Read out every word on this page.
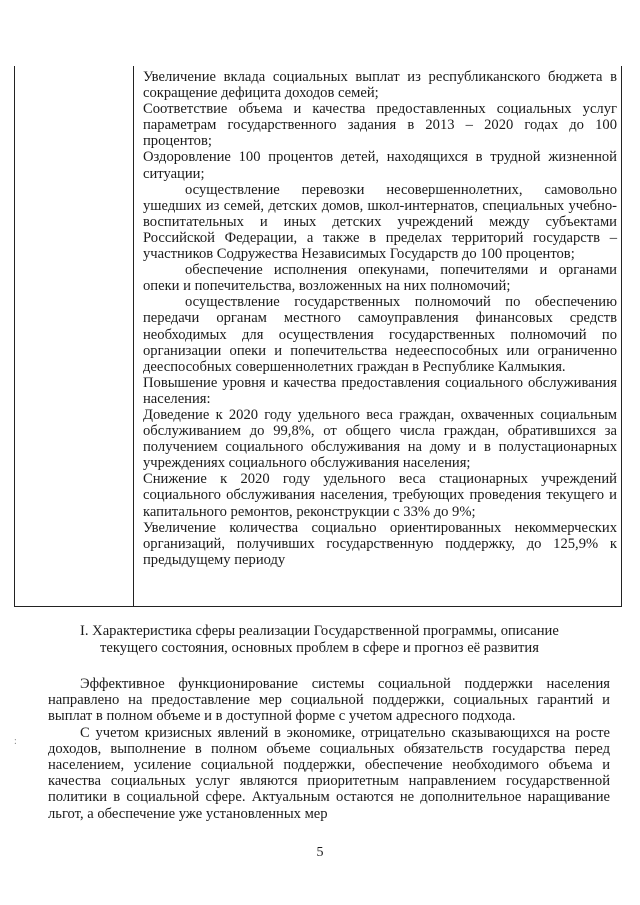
Увеличение вклада социальных выплат из республиканского бюджета в сокращение дефицита доходов семей;

Соответствие объема и качества предоставленных социальных услуг параметрам государственного задания в 2013 – 2020 годах до 100 процентов;

Оздоровление 100 процентов детей, находящихся в трудной жизненной ситуации;

осуществление перевозки несовершеннолетних, самовольно ушедших из семей, детских домов, школ-интернатов, специальных учебно-воспитательных и иных детских учреждений между субъектами Российской Федерации, а также в пределах территорий государств – участников Содружества Независимых Государств до 100 процентов;

обеспечение исполнения опекунами, попечителями и органами опеки и попечительства, возложенных на них полномочий;

осуществление государственных полномочий по обеспечению передачи органам местного самоуправления финансовых средств необходимых для осуществления государственных полномочий по организации опеки и попечительства недееспособных или ограниченно дееспособных совершеннолетних граждан в Республике Калмыкия.

Повышение уровня и качества предоставления социального обслуживания населения:

Доведение к 2020 году удельного веса граждан, охваченных социальным обслуживанием до 99,8%, от общего числа граждан, обратившихся за получением социального обслуживания на дому и в полустационарных учреждениях социального обслуживания населения;

Снижение к 2020 году удельного веса стационарных учреждений социального обслуживания населения, требующих проведения текущего и капитального ремонтов, реконструкции с 33% до 9%;

Увеличение количества социально ориентированных некоммерческих организаций, получивших государственную поддержку, до 125,9% к предыдущему периоду

I. Характеристика сферы реализации Государственной программы, описание
текущего состояния, основных проблем в сфере и прогноз её развития
:

Эффективное функционирование системы социальной поддержки населения направлено на предоставление мер социальной поддержки, социальных гарантий и выплат в полном объеме и в доступной форме с учетом адресного подхода.

С учетом кризисных явлений в экономике, отрицательно сказывающихся на росте доходов, выполнение в полном объеме социальных обязательств государства перед населением, усиление социальной поддержки, обеспечение необходимого объема и качества социальных услуг являются приоритетным направлением государственной политики в социальной сфере. Актуальным остаются не дополнительное наращивание льгот, а обеспечение уже установленных мер

5
